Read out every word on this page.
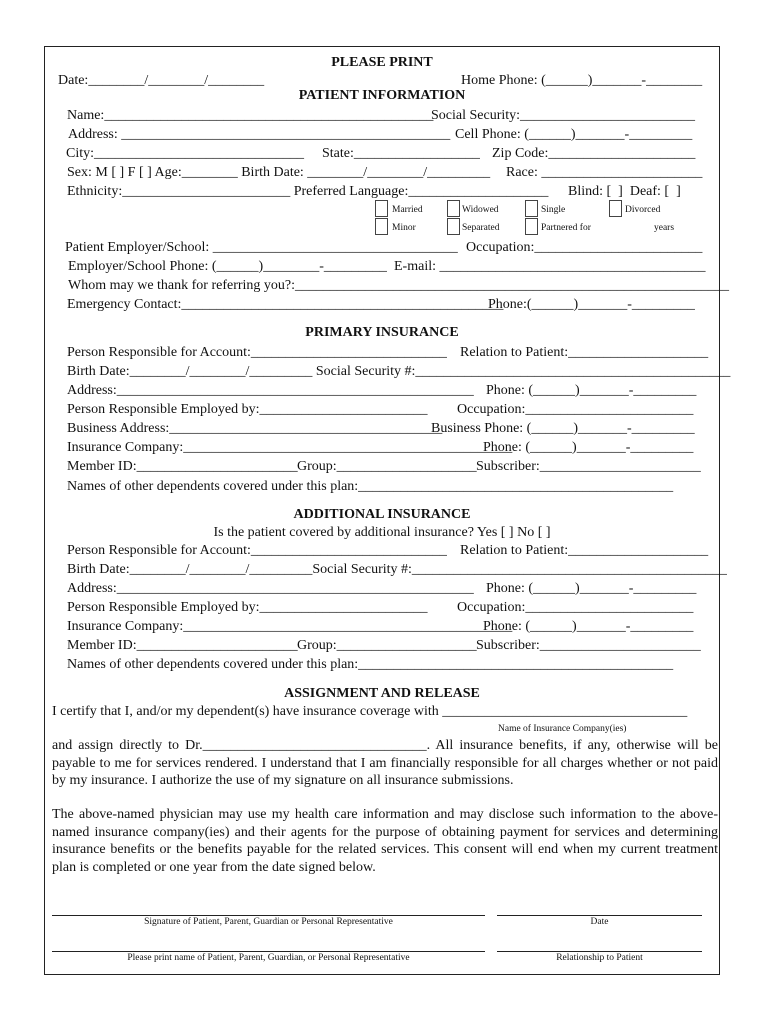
PLEASE PRINT
Date:________/________/________	Home Phone: (______)_______-________
PATIENT INFORMATION
Name:_______________________________________________
Social Security:_________________________
Address: _______________________________________________ Cell Phone: (______)_______-_________
City:______________________________ State:__________________ Zip Code:_____________________
Sex: M [ ] F [ ] Age:________ Birth Date: ________/________/_________ Race: _______________________
Ethnicity:________________________ Preferred Language:____________________ Blind: [  ]  Deaf: [  ]
Married	Widowed	Single	Divorced
Minor	Separated	Partnered for	years
Patient Employer/School: ___________________________________ Occupation:________________________
Employer/School Phone: (______)________-_________ E-mail: ______________________________________
Whom may we thank for referring you?:______________________________________________________________
Emergency Contact:______________________________________________
Phone:(______)_______-_________
PRIMARY INSURANCE
Person Responsible for Account:____________________________ Relation to Patient:____________________
Birth Date:________/________/_________ Social Security #:_____________________________________________
Address:___________________________________________________ Phone: (______)_______-_________
Person Responsible Employed by:________________________ Occupation:________________________
Business Address:_______________________________________
Business Phone: (______)_______-_________
Insurance Company:_______________________________________________
Phone: (______)_______-_________
Member ID:_______________________ Group:____________________ Subscriber:_______________________
Names of other dependents covered under this plan:_____________________________________________
ADDITIONAL INSURANCE
Is the patient covered by additional insurance? Yes [ ] No [ ]
Person Responsible for Account:____________________________ Relation to Patient:____________________
Birth Date:________/________/_________Social Security #:_____________________________________________
Address:___________________________________________________ Phone: (______)_______-_________
Person Responsible Employed by:________________________ Occupation:________________________
Insurance Company:_______________________________________________
Phone: (______)_______-_________
Member ID:_______________________ Group:____________________ Subscriber:_______________________
Names of other dependents covered under this plan:_____________________________________________
ASSIGNMENT AND RELEASE
I certify that I, and/or my dependent(s) have insurance coverage with ___________________________________
Name of Insurance Company(ies)
and assign directly to Dr.________________________________. All insurance benefits, if any, otherwise will be payable to me for services rendered. I understand that I am financially responsible for all charges whether or not paid by my insurance. I authorize the use of my signature on all insurance submissions.
The above-named physician may use my health care information and may disclose such information to the above-named insurance company(ies) and their agents for the purpose of obtaining payment for services and determining insurance benefits or the benefits payable for the related services. This consent will end when my current treatment plan is completed or one year from the date signed below.
Signature of Patient, Parent, Guardian or Personal Representative	Date
Please print name of Patient, Parent, Guardian, or Personal Representative	Relationship to Patient
